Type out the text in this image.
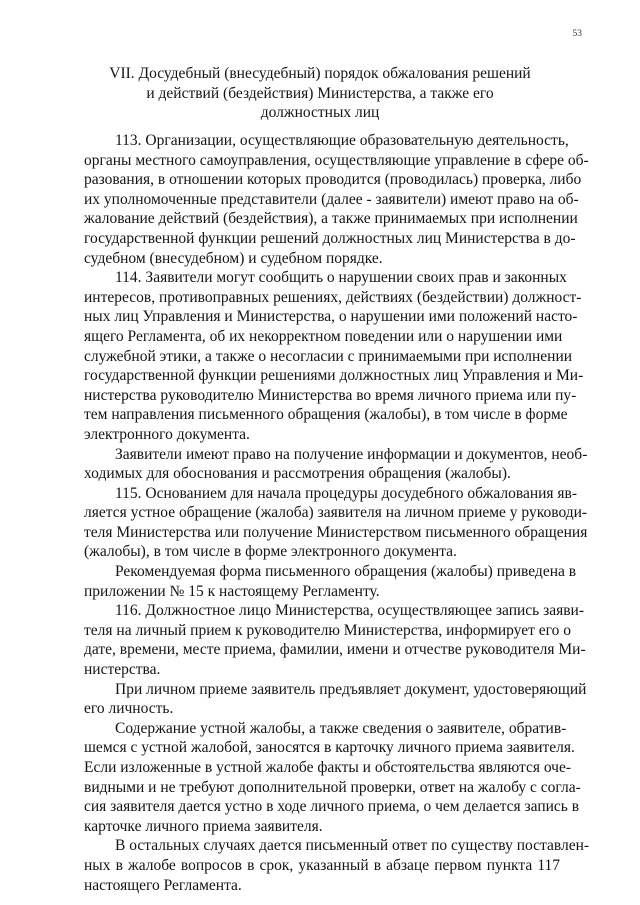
53
VII. Досудебный (внесудебный) порядок обжалования решений
и действий (бездействия) Министерства, а также его
должностных лиц

113. Организации, осуществляющие образовательную деятельность,
органы местного самоуправления, осуществляющие управление в сфере об-
разования, в отношении которых проводится (проводилась) проверка, либо
их уполномоченные представители (далее - заявители) имеют право на об-
жалование действий (бездействия), а также принимаемых при исполнении
государственной функции решений должностных лиц Министерства в до-
судебном (внесудебном) и судебном порядке.

114. Заявители могут сообщить о нарушении своих прав и законных
интересов, противоправных решениях, действиях (бездействии) должност-
ных лиц Управления и Министерства, о нарушении ими положений насто-
ящего Регламента, об их некорректном поведении или о нарушении ими
служебной этики, а также о несогласии с принимаемыми при исполнении
государственной функции решениями должностных лиц Управления и Ми-
нистерства руководителю Министерства во время личного приема или пу-
тем направления письменного обращения (жалобы), в том числе в форме
электронного документа.

Заявители имеют право на получение информации и документов, необ-
ходимых для обоснования и рассмотрения обращения (жалобы).

115. Основанием для начала процедуры досудебного обжалования яв-
ляется устное обращение (жалоба) заявителя на личном приеме у руководи-
теля Министерства или получение Министерством письменного обращения
(жалобы), в том числе в форме электронного документа.

Рекомендуемая форма письменного обращения (жалобы) приведена в
приложении № 15 к настоящему Регламенту.

116. Должностное лицо Министерства, осуществляющее запись заяви-
теля на личный прием к руководителю Министерства, информирует его о
дате, времени, месте приема, фамилии, имени и отчестве руководителя Ми-
нистерства.

При личном приеме заявитель предъявляет документ, удостоверяющий
его личность.

Содержание устной жалобы, а также сведения о заявителе, обратив-
шемся с устной жалобой, заносятся в карточку личного приема заявителя.
Если изложенные в устной жалобе факты и обстоятельства являются оче-
видными и не требуют дополнительной проверки, ответ на жалобу с согла-
сия заявителя дается устно в ходе личного приема, о чем делается запись в
карточке личного приема заявителя.

В остальных случаях дается письменный ответ по существу поставлен-
ных в жалобе вопросов в срок, указанный в абзаце первом пункта 117
настоящего Регламента.
